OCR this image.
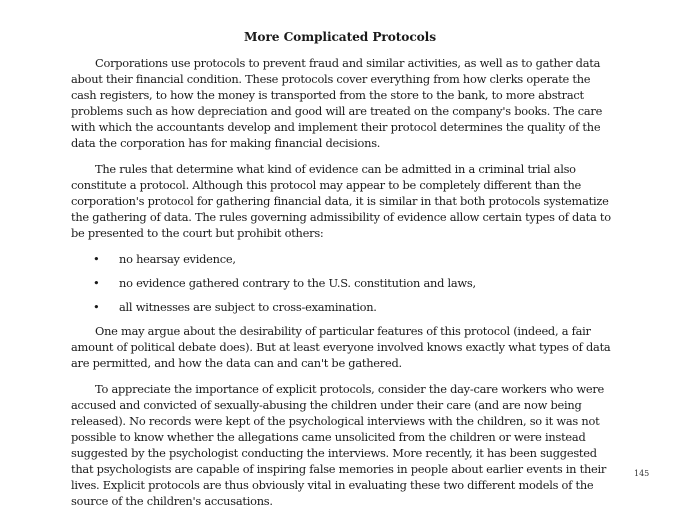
More Complicated Protocols

Corporations use protocols to prevent fraud and similar activities, as well as to gather data about their financial condition. These protocols cover everything from how clerks operate the cash registers, to how the money is transported from the store to the bank, to more abstract problems such as how depreciation and good will are treated on the company's books. The care with which the accountants develop and implement their protocol determines the quality of the data the corporation has for making financial decisions.

The rules that determine what kind of evidence can be admitted in a criminal trial also constitute a protocol. Although this protocol may appear to be completely different than the corporation's protocol for gathering financial data, it is similar in that both protocols systematize the gathering of data. The rules governing admissibility of evidence allow certain types of data to be presented to the court but prohibit others:

• no hearsay evidence,
• no evidence gathered contrary to the U.S. constitution and laws,
• all witnesses are subject to cross-examination.

One may argue about the desirability of particular features of this protocol (indeed, a fair amount of political debate does). But at least everyone involved knows exactly what types of data are permitted, and how the data can and can't be gathered.

To appreciate the importance of explicit protocols, consider the day-care workers who were accused and convicted of sexually-abusing the children under their care (and are now being released). No records were kept of the psychological interviews with the children, so it was not possible to know whether the allegations came unsolicited from the children or were instead suggested by the psychologist conducting the interviews. More recently, it has been suggested that psychologists are capable of inspiring false memories in people about earlier events in their lives. Explicit protocols are thus obviously vital in evaluating these two different models of the source of the children's accusations.

145
